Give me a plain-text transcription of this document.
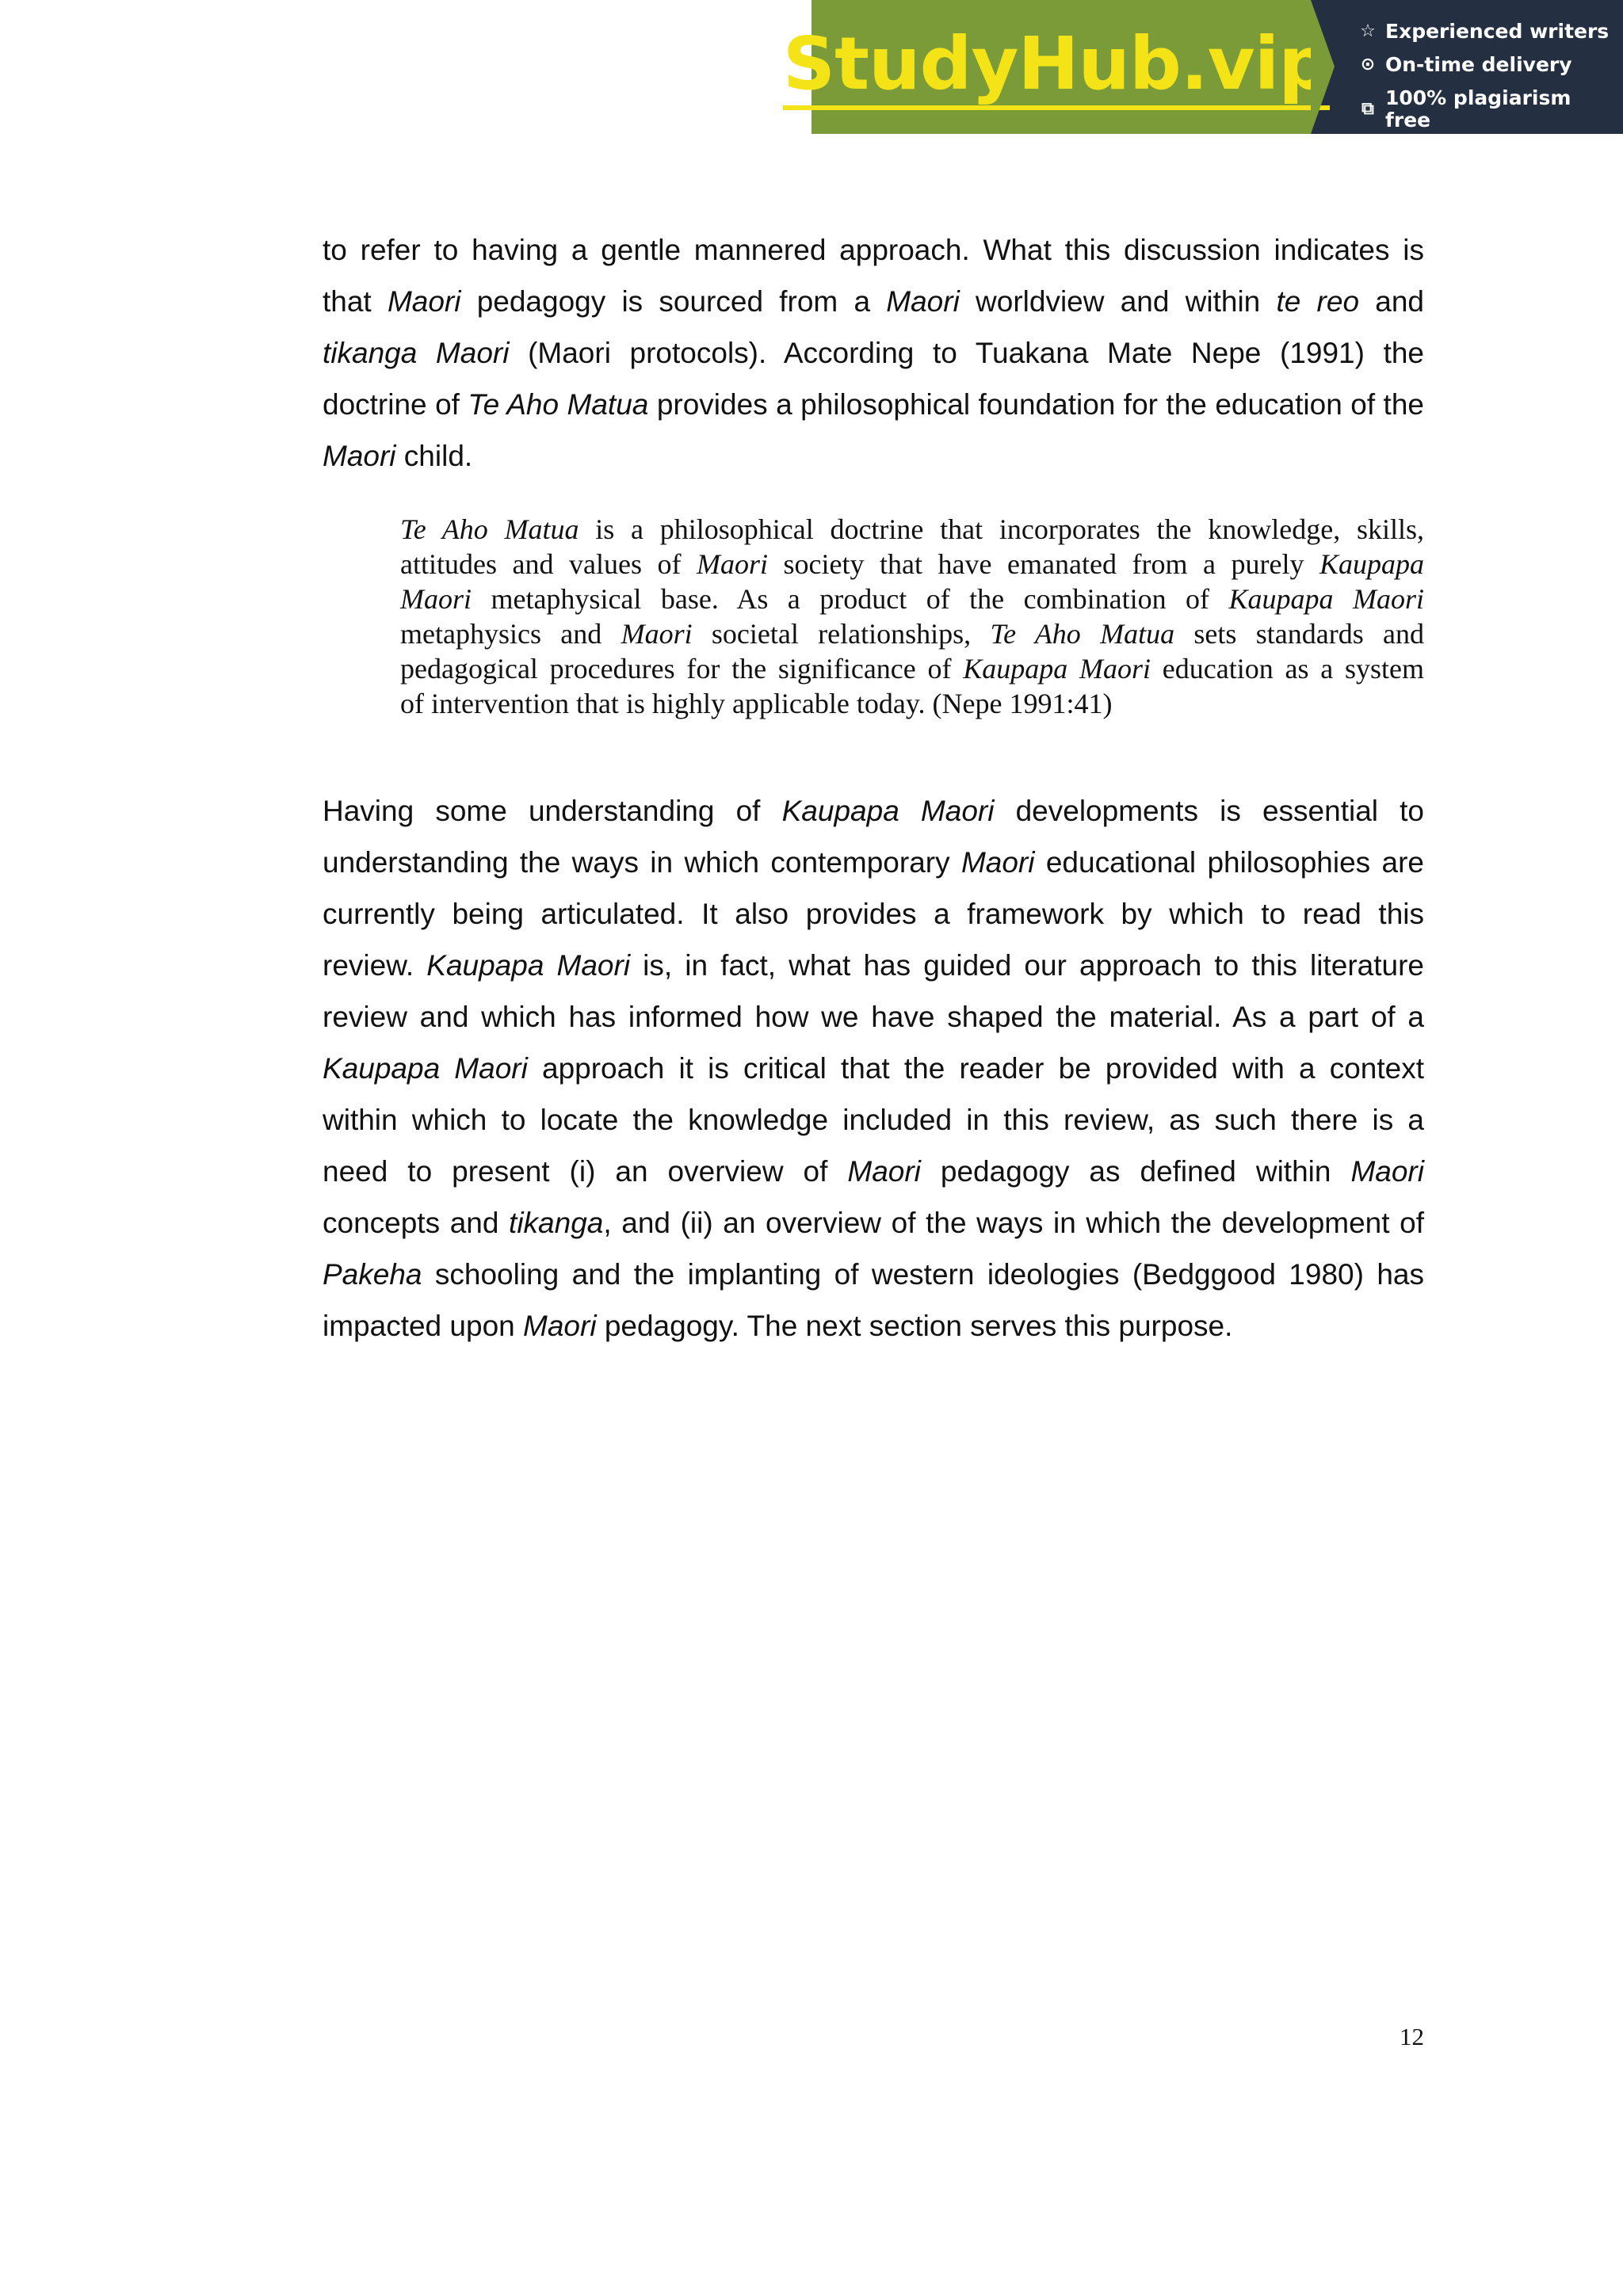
StudyHub.vip ☆ Experienced writers
⊙ On-time delivery
⧉ 100% plagiarism free
to refer to having a gentle mannered approach. What this discussion indicates is
that Maori pedagogy is sourced from a Maori worldview and within te reo and
tikanga Maori (Maori protocols). According to Tuakana Mate Nepe (1991) the
doctrine of Te Aho Matua provides a philosophical foundation for the education of the
Maori child.
Te Aho Matua is a philosophical doctrine that incorporates the knowledge, skills,
attitudes and values of Maori society that have emanated from a purely Kaupapa
Maori metaphysical base. As a product of the combination of Kaupapa Maori
metaphysics and Maori societal relationships, Te Aho Matua sets standards and
pedagogical procedures for the significance of Kaupapa Maori education as a system
of intervention that is highly applicable today. (Nepe 1991:41)
Having some understanding of Kaupapa Maori developments is essential to
understanding the ways in which contemporary Maori educational philosophies are
currently being articulated. It also provides a framework by which to read this
review. Kaupapa Maori is, in fact, what has guided our approach to this literature
review and which has informed how we have shaped the material. As a part of a
Kaupapa Maori approach it is critical that the reader be provided with a context
within which to locate the knowledge included in this review, as such there is a
need to present (i) an overview of Maori pedagogy as defined within Maori
concepts and tikanga, and (ii) an overview of the ways in which the development of
Pakeha schooling and the implanting of western ideologies (Bedggood 1980) has
impacted upon Maori pedagogy. The next section serves this purpose.
12
